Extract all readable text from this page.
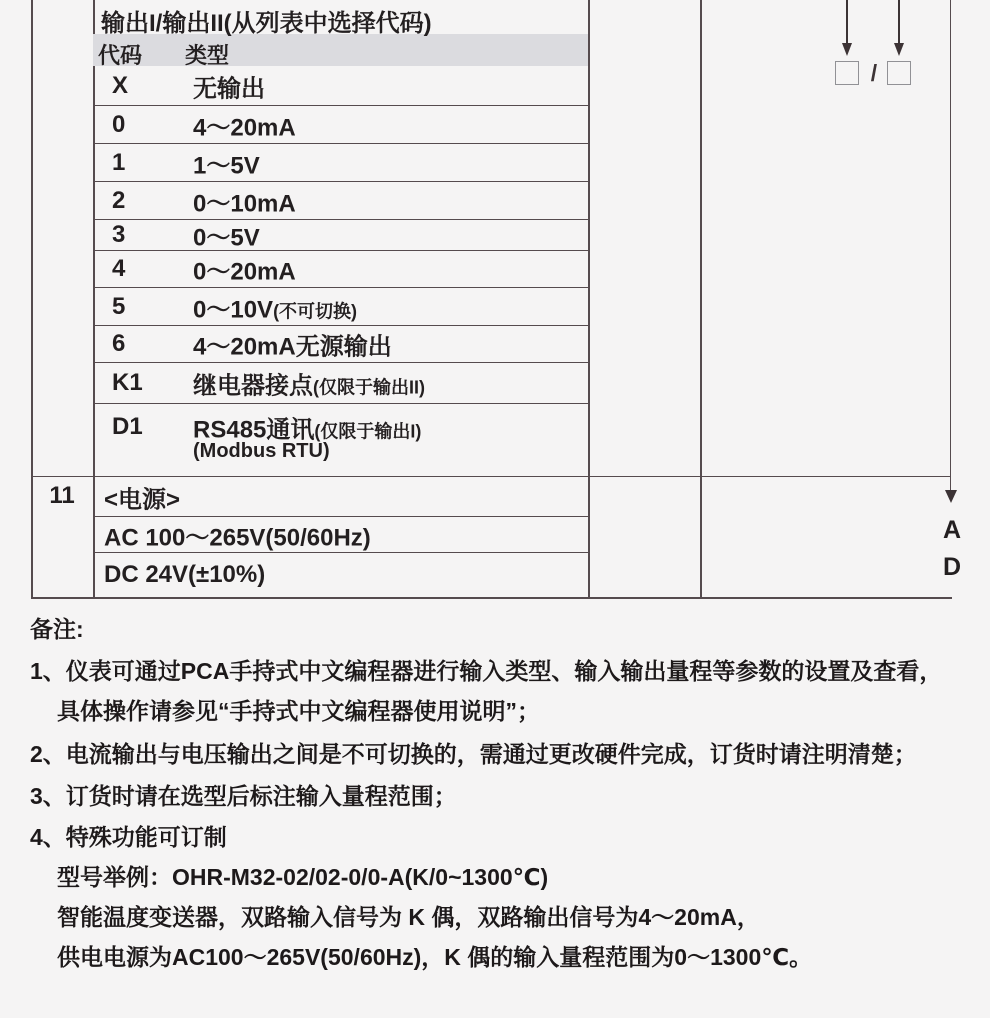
输出I/输出II(从列表中选择代码)
代码 类型
X	无输出
0	4～20mA
1	1～5V
2	0～10mA
3	0～5V
4	0～20mA
5	0～10V(不可切换)
6	4～20mA无源输出
K1 继电器接点(仅限于输出II)
D1 RS485通讯(仅限于输出I)
(Modbus RTU)
11	<电源>
AC 100～265V(50/60Hz)
DC 24V(±10%)
/
A
D
备注:
1、仪表可通过PCA手持式中文编程器进行输入类型、输入输出量程等参数的设置及查看，
具体操作请参见“手持式中文编程器使用说明”；
2、电流输出与电压输出之间是不可切换的，需通过更改硬件完成，订货时请注明清楚；
3、订货时请在选型后标注输入量程范围；
4、特殊功能可订制
型号举例：OHR-M32-02/02-0/0-A(K/0~1300℃)
智能温度变送器，双路输入信号为 K 偶，双路输出信号为4～20mA，
供电电源为AC100～265V(50/60Hz)，K 偶的输入量程范围为0～1300℃。
